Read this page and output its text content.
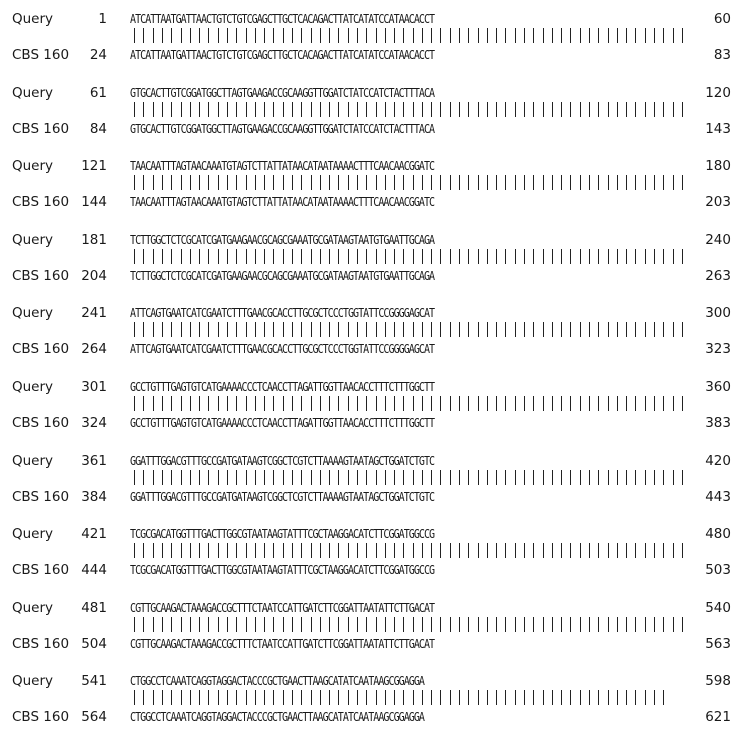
Query	1 ATCATTAATGATTAACTGTCTGTCGAGCTTGCTCACAGACTTATCATATCCATAACACCT	60
CBS 160 24 ATCATTAATGATTAACTGTCTGTCGAGCTTGCTCACAGACTTATCATATCCATAACACCT	83
Query	61 GTGCACTTGTCGGATGGCTTAGTGAAGACCGCAAGGTTGGATCTATCCATCTACTTTACA	120
CBS 160 84 GTGCACTTGTCGGATGGCTTAGTGAAGACCGCAAGGTTGGATCTATCCATCTACTTTACA	143
Query 121 TAACAATTTAGTAACAAATGTAGTCTTATTATAACATAATAAAACTTTCAACAACGGATC	180
CBS 160 144 TAACAATTTAGTAACAAATGTAGTCTTATTATAACATAATAAAACTTTCAACAACGGATC	203
Query 181 TCTTGGCTCTCGCATCGATGAAGAACGCAGCGAAATGCGATAAGTAATGTGAATTGCAGA	240
CBS 160 204 TCTTGGCTCTCGCATCGATGAAGAACGCAGCGAAATGCGATAAGTAATGTGAATTGCAGA	263
Query 241 ATTCAGTGAATCATCGAATCTTTGAACGCACCTTGCGCTCCCTGGTATTCCGGGGAGCAT	300
CBS 160 264 ATTCAGTGAATCATCGAATCTTTGAACGCACCTTGCGCTCCCTGGTATTCCGGGGAGCAT	323
Query 301 GCCTGTTTGAGTGTCATGAAAACCCTCAACCTTAGATTGGTTAACACCTTTCTTTGGCTT	360
CBS 160 324 GCCTGTTTGAGTGTCATGAAAACCCTCAACCTTAGATTGGTTAACACCTTTCTTTGGCTT	383
Query 361 GGATTTGGACGTTTGCCGATGATAAGTCGGCTCGTCTTAAAAGTAATAGCTGGATCTGTC	420
CBS 160 384 GGATTTGGACGTTTGCCGATGATAAGTCGGCTCGTCTTAAAAGTAATAGCTGGATCTGTC	443
Query 421 TCGCGACATGGTTTGACTTGGCGTAATAAGTATTTCGCTAAGGACATCTTCGGATGGCCG	480
CBS 160 444 TCGCGACATGGTTTGACTTGGCGTAATAAGTATTTCGCTAAGGACATCTTCGGATGGCCG	503
Query 481 CGTTGCAAGACTAAAGACCGCTTTCTAATCCATTGATCTTCGGATTAATATTCTTGACAT	540
CBS 160 504 CGTTGCAAGACTAAAGACCGCTTTCTAATCCATTGATCTTCGGATTAATATTCTTGACAT	563
Query 541 CTGGCCTCAAATCAGGTAGGACTACCCGCTGAACTTAAGCATATCAATAAGCGGAGGA	598
CBS 160 564 CTGGCCTCAAATCAGGTAGGACTACCCGCTGAACTTAAGCATATCAATAAGCGGAGGA	621
